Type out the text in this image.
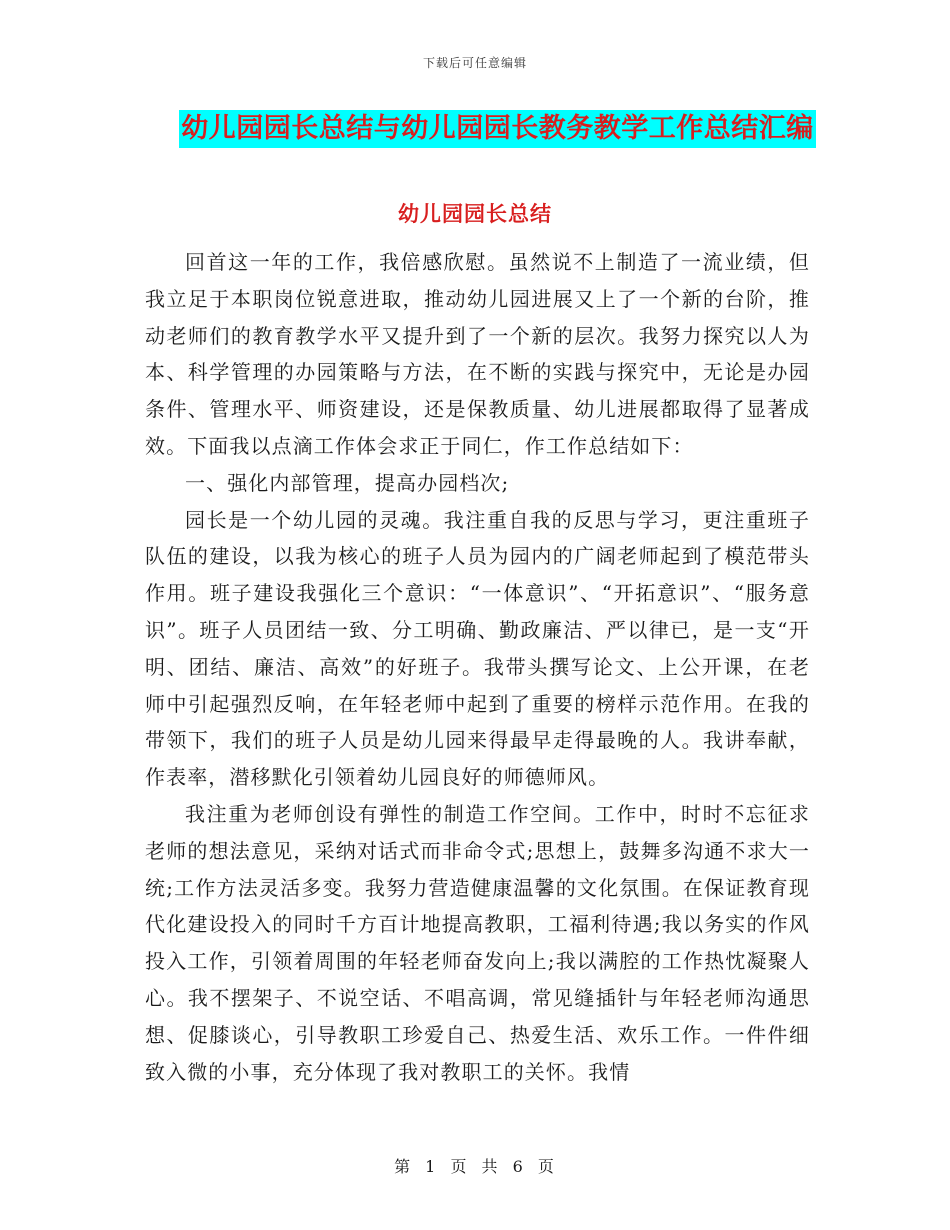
下载后可任意编辑
幼儿园园长总结与幼儿园园长教务教学工作总结汇编
幼儿园园长总结

回首这一年的工作，我倍感欣慰。虽然说不上制造了一流业绩，但我立足于本职岗位锐意进取，推动幼儿园进展又上了一个新的台阶，推动老师们的教育教学水平又提升到了一个新的层次。我努力探究以人为本、科学管理的办园策略与方法，在不断的实践与探究中，无论是办园条件、管理水平、师资建设，还是保教质量、幼儿进展都取得了显著成效。下面我以点滴工作体会求正于同仁，作工作总结如下：

一、强化内部管理，提高办园档次;

园长是一个幼儿园的灵魂。我注重自我的反思与学习，更注重班子队伍的建设，以我为核心的班子人员为园内的广阔老师起到了模范带头作用。班子建设我强化三个意识：“一体意识”、“开拓意识”、“服务意识”。班子人员团结一致、分工明确、勤政廉洁、严以律已，是一支“开明、团结、廉洁、高效”的好班子。我带头撰写论文、上公开课，在老师中引起强烈反响，在年轻老师中起到了重要的榜样示范作用。在我的带领下，我们的班子人员是幼儿园来得最早走得最晚的人。我讲奉献，作表率，潜移默化引领着幼儿园良好的师德师风。

我注重为老师创设有弹性的制造工作空间。工作中，时时不忘征求老师的想法意见，采纳对话式而非命令式;思想上，鼓舞多沟通不求大一统;工作方法灵活多变。我努力营造健康温馨的文化氛围。在保证教育现代化建设投入的同时千方百计地提高教职，工福利待遇;我以务实的作风投入工作，引领着周围的年轻老师奋发向上;我以满腔的工作热忱凝聚人心。我不摆架子、不说空话、不唱高调，常见缝插针与年轻老师沟通思想、促膝谈心，引导教职工珍爱自己、热爱生活、欢乐工作。一件件细致入微的小事，充分体现了我对教职工的关怀。我情

第 1 页 共 6 页
